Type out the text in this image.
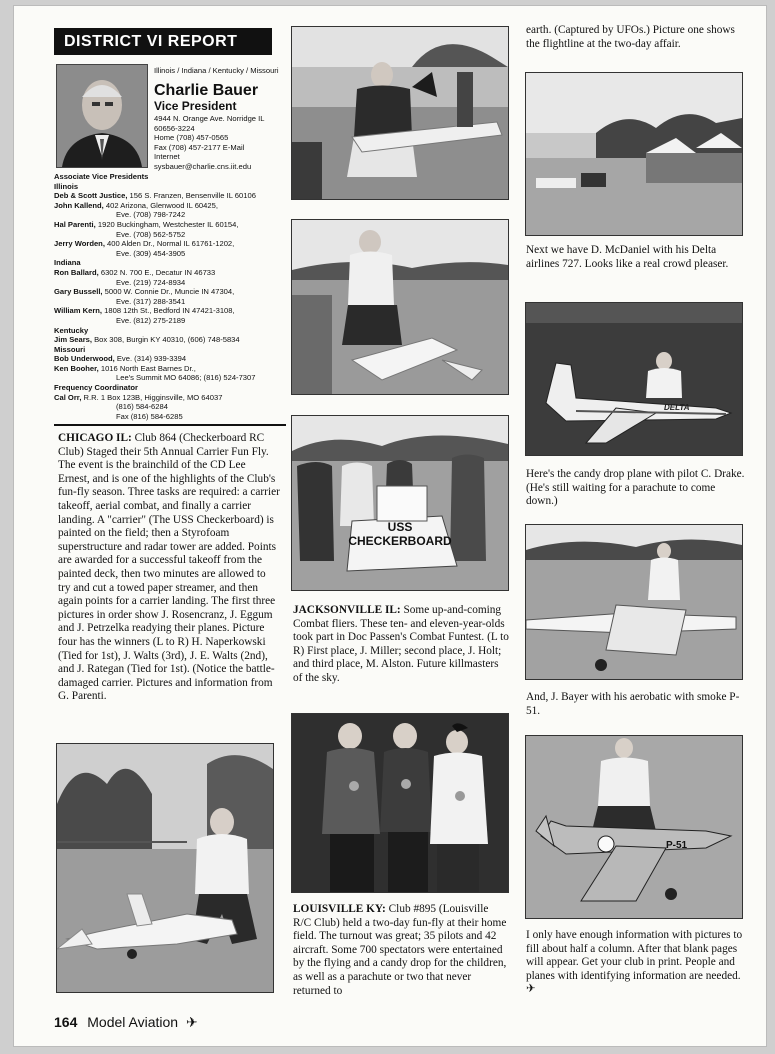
DISTRICT VI REPORT
Illinois / Indiana / Kentucky / Missouri
Charlie Bauer
Vice President
4944 N. Orange Ave. Norridge IL
60656-3224
Home (708) 457-0565
Fax (708) 457-2177 E-Mail
Internet
sysbauer@charlie.cns.iit.edu
Associate Vice Presidents
Illinois
Deb & Scott Justice, 156 S. Franzen, Bensenville IL 60106
John Kallend, 402 Arizona, Glenwood IL 60425,
Eve. (708) 798-7242
Hal Parenti, 1920 Buckingham, Westchester IL 60154,
Eve. (708) 562-5752
Jerry Worden, 400 Alden Dr., Normal IL 61761-1202,
Eve. (309) 454-3905
Indiana
Ron Ballard, 6302 N. 700 E., Decatur IN 46733
Eve. (219) 724-8934
Gary Bussell, 5000 W. Connie Dr., Muncie IN 47304,
Eve. (317) 288-3541
William Kern, 1808 12th St., Bedford IN 47421-3108,
Eve. (812) 275-2189
Kentucky
Jim Sears, Box 308, Burgin KY 40310, (606) 748-5834
Missouri
Bob Underwood, Eve. (314) 939-3394
Ken Booher, 1016 North East Barnes Dr.,
Lee's Summit MO 64086; (816) 524-7307
Frequency Coordinator
Cal Orr, R.R. 1 Box 123B, Higginsville, MO 64037
(816) 584-6284
Fax (816) 584-6285
CHICAGO IL: Club 864 (Checkerboard RC Club) Staged their 5th Annual Carrier Fun Fly. The event is the brainchild of the CD Lee Ernest, and is one of the highlights of the Club's fun-fly season. Three tasks are required: a carrier takeoff, aerial combat, and finally a carrier landing. A "carrier" (The USS Checkerboard) is painted on the field; then a Styrofoam superstructure and radar tower are added. Points are awarded for a successful takeoff from the painted deck, then two minutes are allowed to try and cut a towed paper streamer, and then again points for a carrier landing. The first three pictures in order show J. Rosencranz, J. Eggum and J. Petrzelka readying their planes. Picture four has the winners (L to R) H. Naperkowski (Tied for 1st), J. Walts (3rd), J. E. Walts (2nd), and J. Rategan (Tied for 1st). (Notice the battle-damaged carrier. Pictures and information from G. Parenti.
USS
CHECKERBOARD
JACKSONVILLE IL: Some up-and-coming Combat fliers. These ten- and eleven-year-olds took part in Doc Passen's Combat Funtest. (L to R) First place, J. Miller; second place, J. Holt; and third place, M. Alston. Future killmasters of the sky.
LOUISVILLE KY: Club #895 (Louisville R/C Club) held a two-day fun-fly at their home field. The turnout was great; 35 pilots and 42 aircraft. Some 700 spectators were entertained by the flying and a candy drop for the children, as well as a parachute or two that never returned to
earth. (Captured by UFOs.) Picture one shows the flightline at the two-day affair.
Next we have D. McDaniel with his Delta airlines 727. Looks like a real crowd pleaser.
DELTA
Here's the candy drop plane with pilot C. Drake. (He's still waiting for a parachute to come down.)
And, J. Bayer with his aerobatic with smoke P-51.
P-51
I only have enough information with pictures to fill about half a column. After that blank pages will appear. Get your club in print. People and planes with identifying information are needed. ✈
164 Model Aviation ✈
